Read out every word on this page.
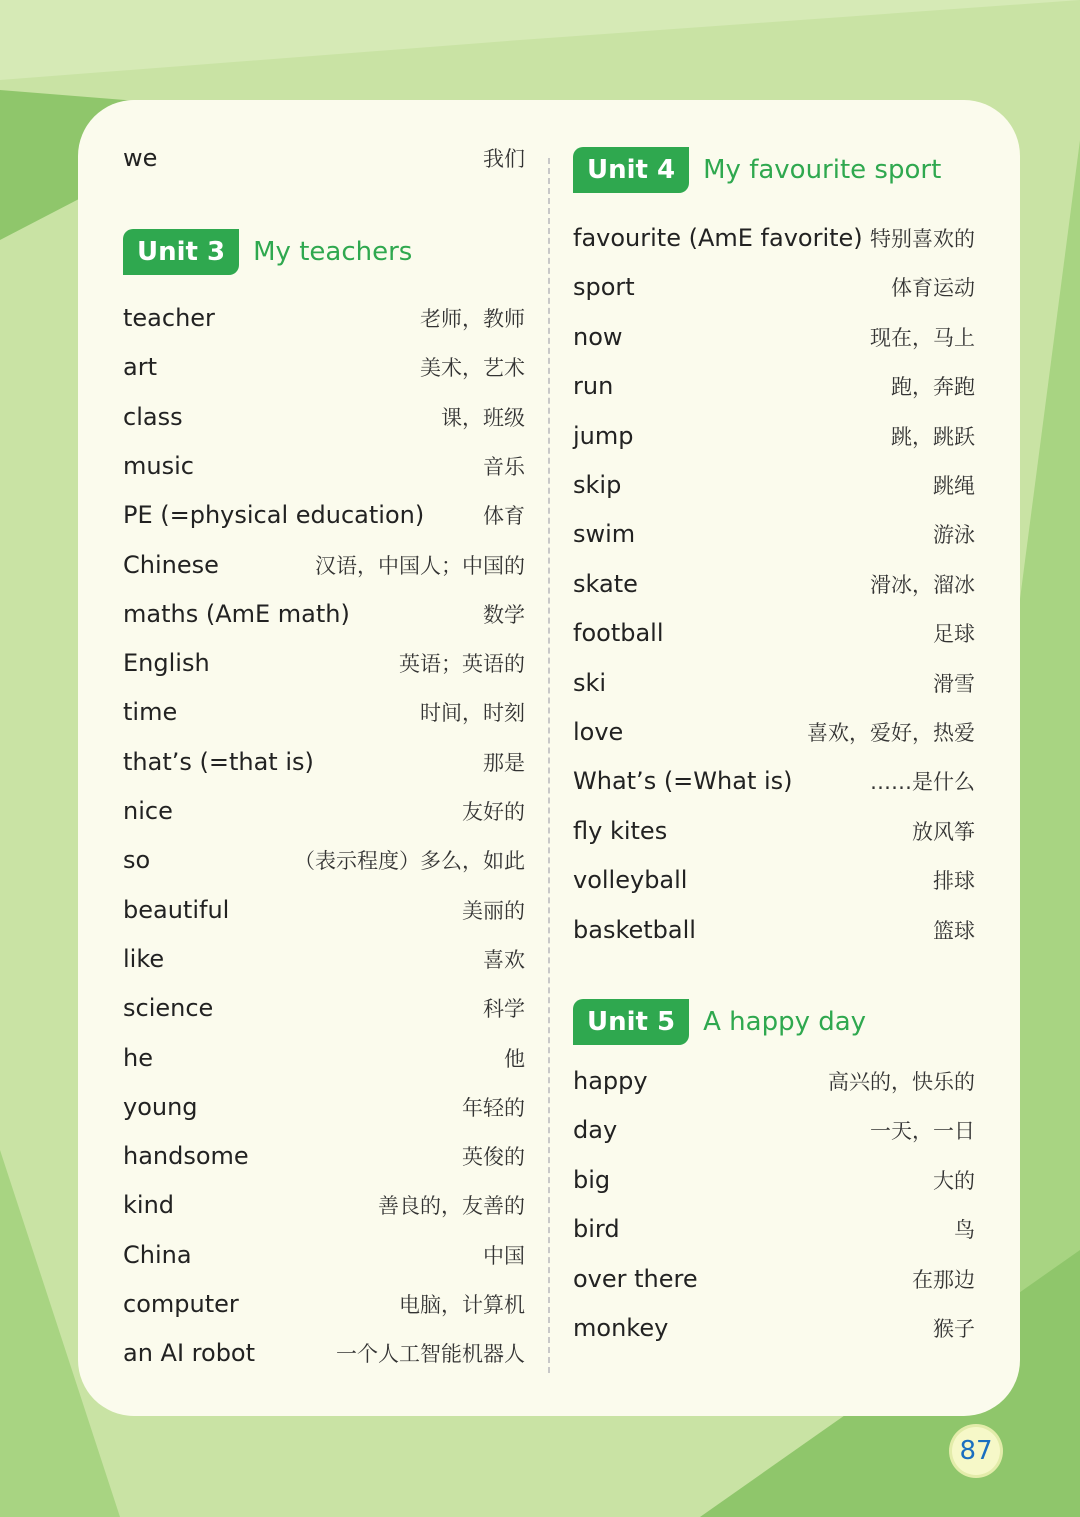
we	我们
Unit 3	My teachers
teacher	老师，教师
art	美术，艺术
class	课，班级
music	音乐
PE (=physical education)	体育
Chinese	汉语，中国人；中国的
maths (AmE math)	数学
English	英语；英语的
time	时间，时刻
that’s (=that is)	那是
nice	友好的
so	（表示程度）多么，如此
beautiful	美丽的
like	喜欢
science	科学
he	他
young	年轻的
handsome	英俊的
kind	善良的，友善的
China	中国
computer	电脑，计算机
an AI robot	一个人工智能机器人
Unit 4	My favourite sport
favourite (AmE favorite) 特别喜欢的
sport	体育运动
now	现在，马上
run	跑，奔跑
jump	跳，跳跃
skip	跳绳
swim	游泳
skate	滑冰，溜冰
football	足球
ski	滑雪
love	喜欢，爱好，热爱
What’s (=What is)	……是什么
fly kites	放风筝
volleyball	排球
basketball	篮球
Unit 5	A happy day
happy	高兴的，快乐的
day	一天，一日
big	大的
bird	鸟
over there	在那边
monkey	猴子
87
